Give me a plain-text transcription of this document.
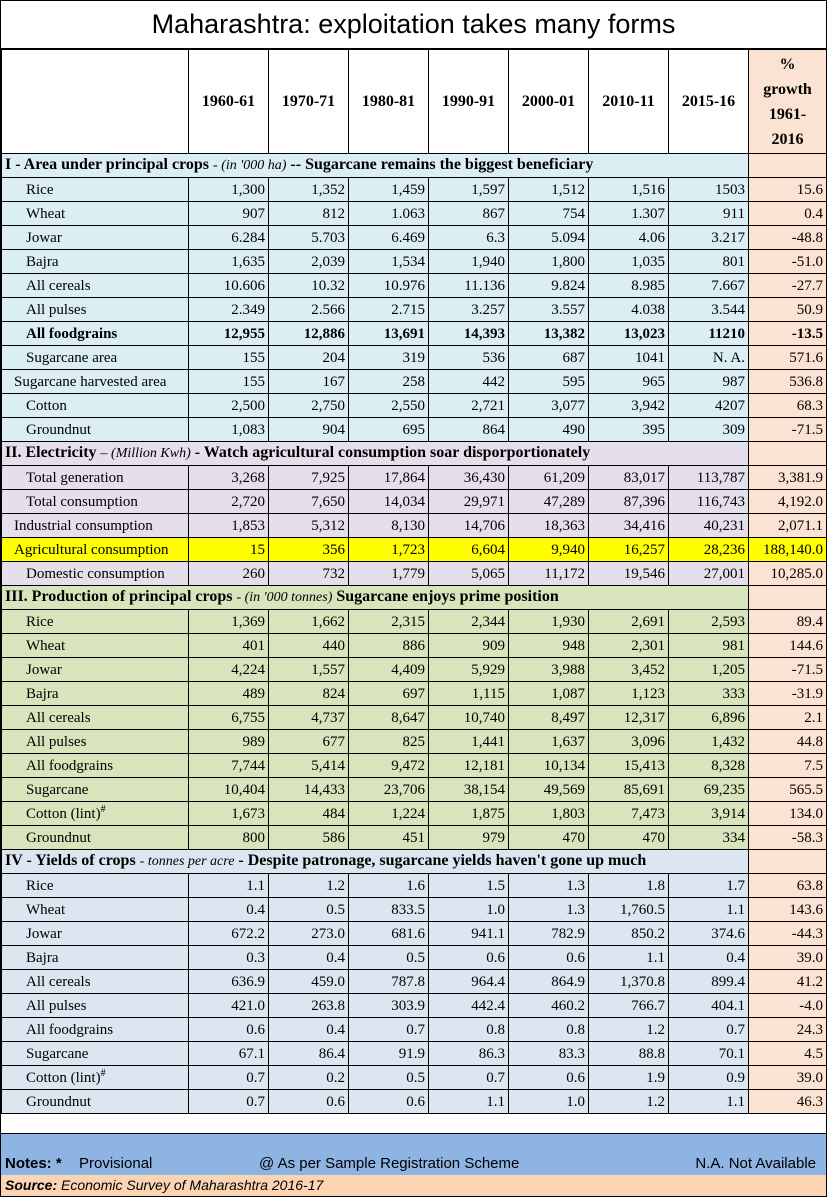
Maharashtra: exploitation takes many forms
	1960-61	1970-71	1980-81	1990-91	2000-01	2010-11	2015-16	%
growth
1961-
2016

I - Area under principal crops - (in '000 ha) -- Sugarcane remains the biggest beneficiary								
Rice	1,300	1,352	1,459	1,597	1,512	1,516	1503	15.6
Wheat	907	812	1.063	867	754	1.307	911	0.4
Jowar	6.284	5.703	6.469	6.3	5.094	4.06	3.217	-48.8
Bajra	1,635	2,039	1,534	1,940	1,800	1,035	801	-51.0
All cereals	10.606	10.32	10.976	11.136	9.824	8.985	7.667	-27.7
All pulses	2.349	2.566	2.715	3.257	3.557	4.038	3.544	50.9
All foodgrains	12,955	12,886	13,691	14,393	13,382	13,023	11210	-13.5
Sugarcane area	155	204	319	536	687	1041	N. A.	571.6
Sugarcane harvested area	155	167	258	442	595	965	987	536.8
Cotton	2,500	2,750	2,550	2,721	3,077	3,942	4207	68.3
Groundnut	1,083	904	695	864	490	395	309	-71.5
II. Electricity – (Million Kwh) - Watch agricultural consumption soar disporportionately								
Total generation	3,268	7,925	17,864	36,430	61,209	83,017	113,787	3,381.9
Total consumption	2,720	7,650	14,034	29,971	47,289	87,396	116,743	4,192.0
Industrial consumption	1,853	5,312	8,130	14,706	18,363	34,416	40,231	2,071.1
Agricultural consumption	15	356	1,723	6,604	9,940	16,257	28,236	188,140.0
Domestic consumption	260	732	1,779	5,065	11,172	19,546	27,001	10,285.0
III. Production of principal crops - (in '000 tonnes) Sugarcane enjoys prime position								
Rice	1,369	1,662	2,315	2,344	1,930	2,691	2,593	89.4
Wheat	401	440	886	909	948	2,301	981	144.6
Jowar	4,224	1,557	4,409	5,929	3,988	3,452	1,205	-71.5
Bajra	489	824	697	1,115	1,087	1,123	333	-31.9
All cereals	6,755	4,737	8,647	10,740	8,497	12,317	6,896	2.1
All pulses	989	677	825	1,441	1,637	3,096	1,432	44.8
All foodgrains	7,744	5,414	9,472	12,181	10,134	15,413	8,328	7.5
Sugarcane	10,404	14,433	23,706	38,154	49,569	85,691	69,235	565.5
Cotton (lint)#	1,673	484	1,224	1,875	1,803	7,473	3,914	134.0
Groundnut	800	586	451	979	470	470	334	-58.3
IV - Yields of crops - tonnes per acre - Despite patronage, sugarcane yields haven't gone up much								
Rice	1.1	1.2	1.6	1.5	1.3	1.8	1.7	63.8
Wheat	0.4	0.5	833.5	1.0	1.3	1,760.5	1.1	143.6
Jowar	672.2	273.0	681.6	941.1	782.9	850.2	374.6	-44.3
Bajra	0.3	0.4	0.5	0.6	0.6	1.1	0.4	39.0
All cereals	636.9	459.0	787.8	964.4	864.9	1,370.8	899.4	41.2
All pulses	421.0	263.8	303.9	442.4	460.2	766.7	404.1	-4.0
All foodgrains	0.6	0.4	0.7	0.8	0.8	1.2	0.7	24.3
Sugarcane	67.1	86.4	91.9	86.3	83.3	88.8	70.1	4.5
Cotton (lint)#	0.7	0.2	0.5	0.7	0.6	1.9	0.9	39.0
Groundnut	0.7	0.6	0.6	1.1	1.0	1.2	1.1	46.3
Notes: * Provisional	@ As per Sample Registration Scheme	N.A. Not Available
Source: Economic Survey of Maharashtra 2016-17
